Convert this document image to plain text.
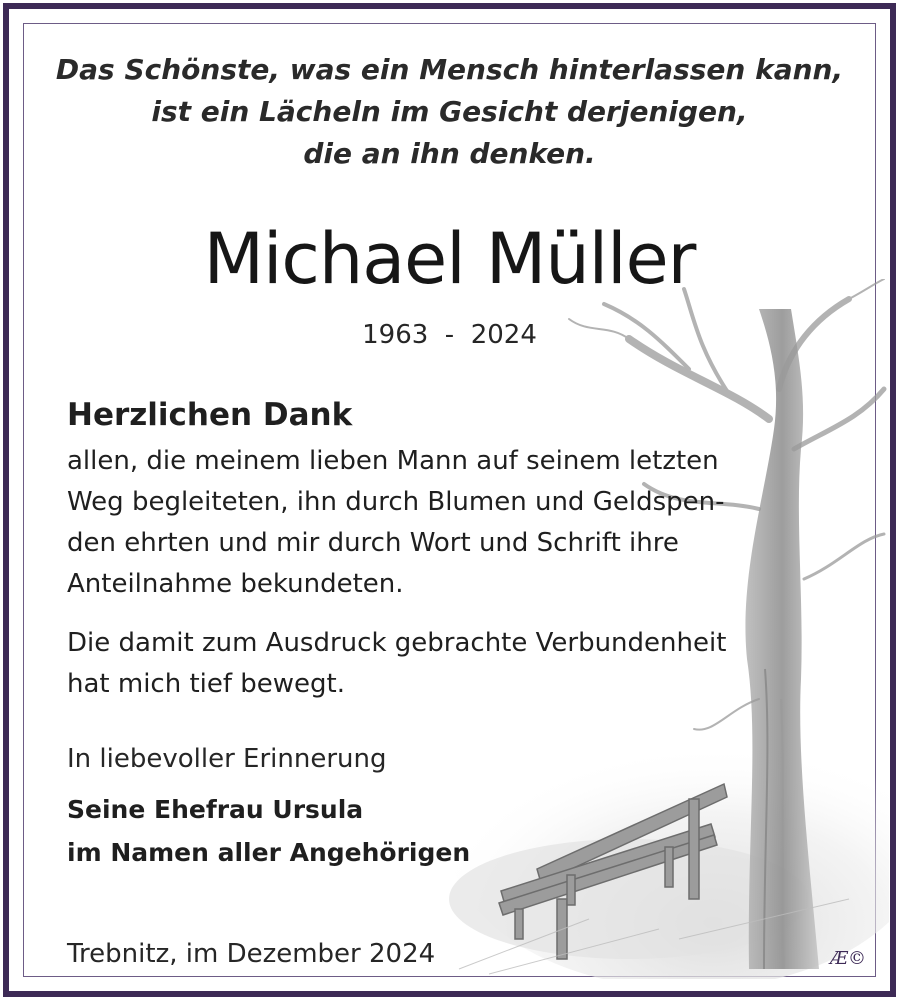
Das Schönste, was ein Mensch hinterlassen kann,
ist ein Lächeln im Gesicht derjenigen,
die an ihn denken.

Michael Müller
1963  -  2024
Herzlichen Dank

allen, die meinem lieben Mann auf seinem letzten
Weg begleiteten, ihn durch Blumen und Geldspen-
den ehrten und mir durch Wort und Schrift ihre
Anteilnahme bekundeten.

Die damit zum Ausdruck gebrachte Verbundenheit
hat mich tief bewegt.

In liebevoller Erinnerung
Seine Ehefrau Ursula
im Namen aller Angehörigen
Trebnitz, im Dezember 2024	Æ©
